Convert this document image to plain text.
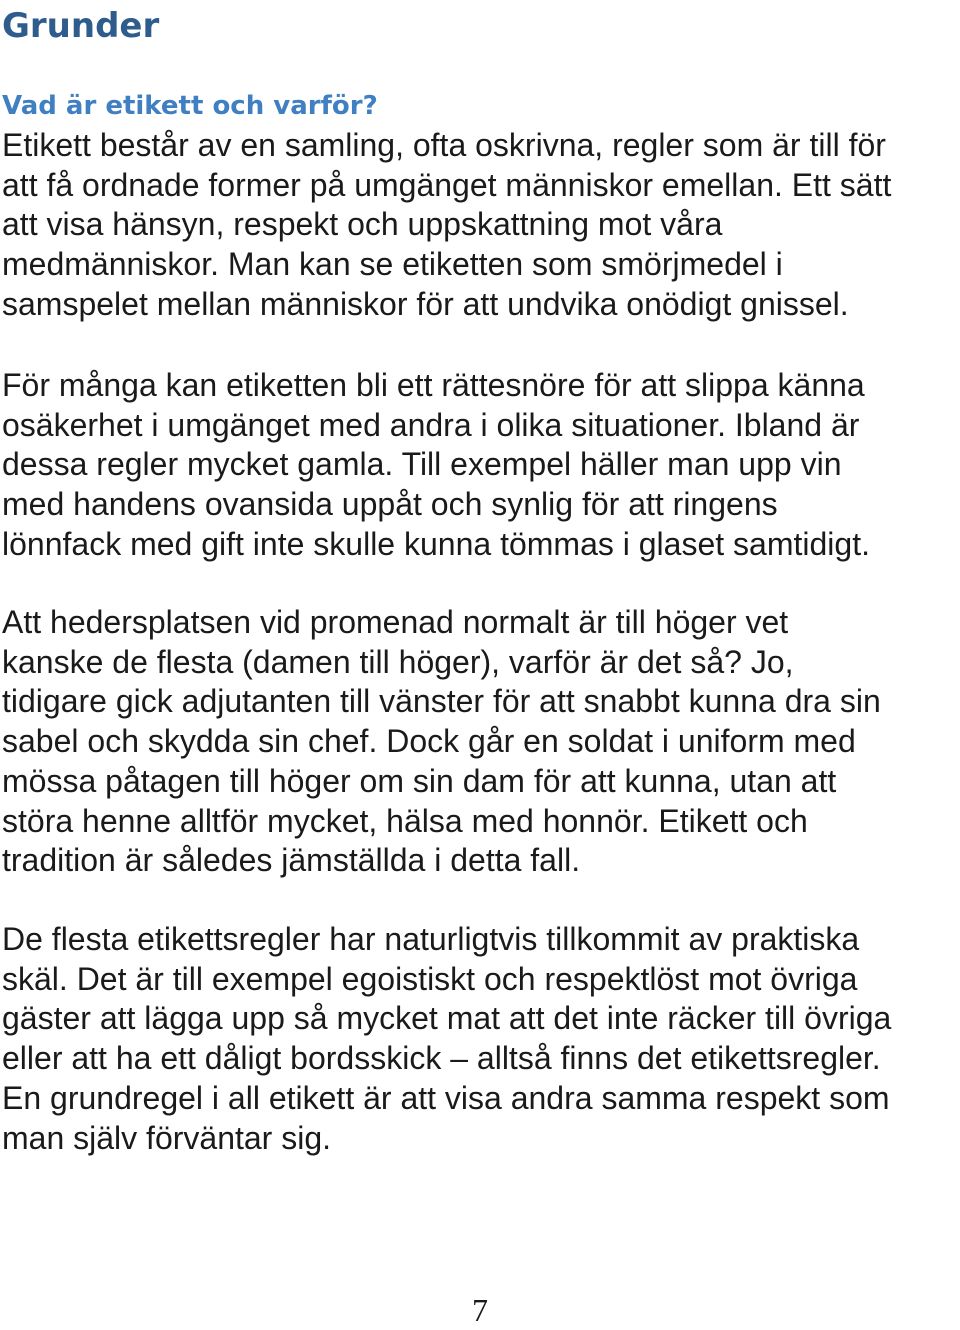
Grunder
Vad är etikett och varför?

Etikett består av en samling, ofta oskrivna, regler som är till för
att få ordnade former på umgänget människor emellan. Ett sätt
att visa hänsyn, respekt och uppskattning mot våra
medmänniskor. Man kan se etiketten som smörjmedel i
samspelet mellan människor för att undvika onödigt gnissel.

För många kan etiketten bli ett rättesnöre för att slippa känna
osäkerhet i umgänget med andra i olika situationer. Ibland är
dessa regler mycket gamla. Till exempel häller man upp vin
med handens ovansida uppåt och synlig för att ringens
lönnfack med gift inte skulle kunna tömmas i glaset samtidigt.

Att hedersplatsen vid promenad normalt är till höger vet
kanske de flesta (damen till höger), varför är det så? Jo,
tidigare gick adjutanten till vänster för att snabbt kunna dra sin
sabel och skydda sin chef. Dock går en soldat i uniform med
mössa påtagen till höger om sin dam för att kunna, utan att
störa henne alltför mycket, hälsa med honnör. Etikett och
tradition är således jämställda i detta fall.

De flesta etikettsregler har naturligtvis tillkommit av praktiska
skäl. Det är till exempel egoistiskt och respektlöst mot övriga
gäster att lägga upp så mycket mat att det inte räcker till övriga
eller att ha ett dåligt bordsskick – alltså finns det etikettsregler.
En grundregel i all etikett är att visa andra samma respekt som
man själv förväntar sig.

7
